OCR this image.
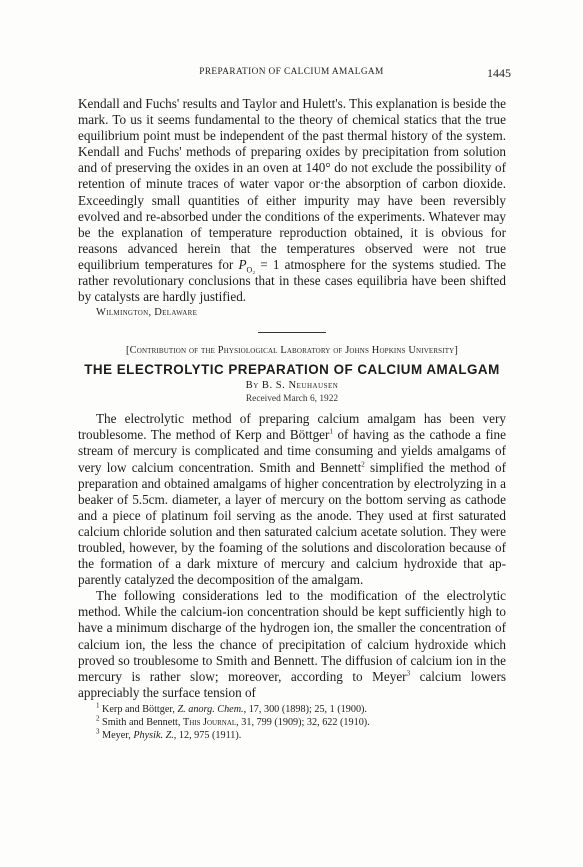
PREPARATION OF CALCIUM AMALGAM	1445

Kendall and Fuchs' results and Taylor and Hulett's. This explanation is beside the mark. To us it seems fundamental to the theory of chemical statics that the true equilibrium point must be independent of the past thermal history of the system. Kendall and Fuchs' methods of preparing oxides by precipitation from solution and of preserving the oxides in an oven at 140° do not exclude the possibility of retention of minute traces of water vapor or·the absorption of carbon dioxide. Exceedingly small quantities of either impurity may have been reversibly evolved and re-absorbed under the conditions of the experiments. Whatever may be the explanation of temperature reproduction obtained, it is obvious for reasons advanced herein that the temperatures observed were not true equilibrium temperatures for $P_{O_2} = 1$ atmosphere for the systems studied. The rather revolutionary conclusions that in these cases equilibria have been shifted by catalysts are hardly justified.

Wilmington, Delaware

[Contribution of the Physiological Laboratory of Johns Hopkins University]

THE ELECTROLYTIC PREPARATION OF CALCIUM AMALGAM

By B. S. Neuhausen

Received March 6, 1922

The electrolytic method of preparing calcium amalgam has been very troublesome. The method of Kerp and Böttger$^1$ of having as the cathode a fine stream of mercury is complicated and time consuming and yields amalgams of very low calcium concentration. Smith and Bennett$^2$ simplified the method of preparation and obtained amalgams of higher concentration by electrolyzing in a beaker of 5.5cm. diameter, a layer of mercury on the bottom serving as cathode and a piece of platinum foil serving as the anode. They used at first saturated calcium chloride solution and then saturated calcium acetate solution. They were troubled, however, by the foaming of the solutions and discoloration because of the formation of a dark mixture of mercury and calcium hydroxide that apparently catalyzed the decomposition of the amalgam.

The following considerations led to the modification of the electrolytic method. While the calcium-ion concentration should be kept sufficiently high to have a minimum discharge of the hydrogen ion, the smaller the concentration of calcium ion, the less the chance of precipitation of calcium hydroxide which proved so troublesome to Smith and Bennett. The diffusion of calcium ion in the mercury is rather slow; moreover, according to Meyer$^3$ calcium lowers appreciably the surface tension of

$^1$ Kerp and Böttger, Z. anorg. Chem., 17, 300 (1898); 25, 1 (1900).

$^2$ Smith and Bennett, This Journal, 31, 799 (1909); 32, 622 (1910).

$^3$ Meyer, Physik. Z., 12, 975 (1911).
